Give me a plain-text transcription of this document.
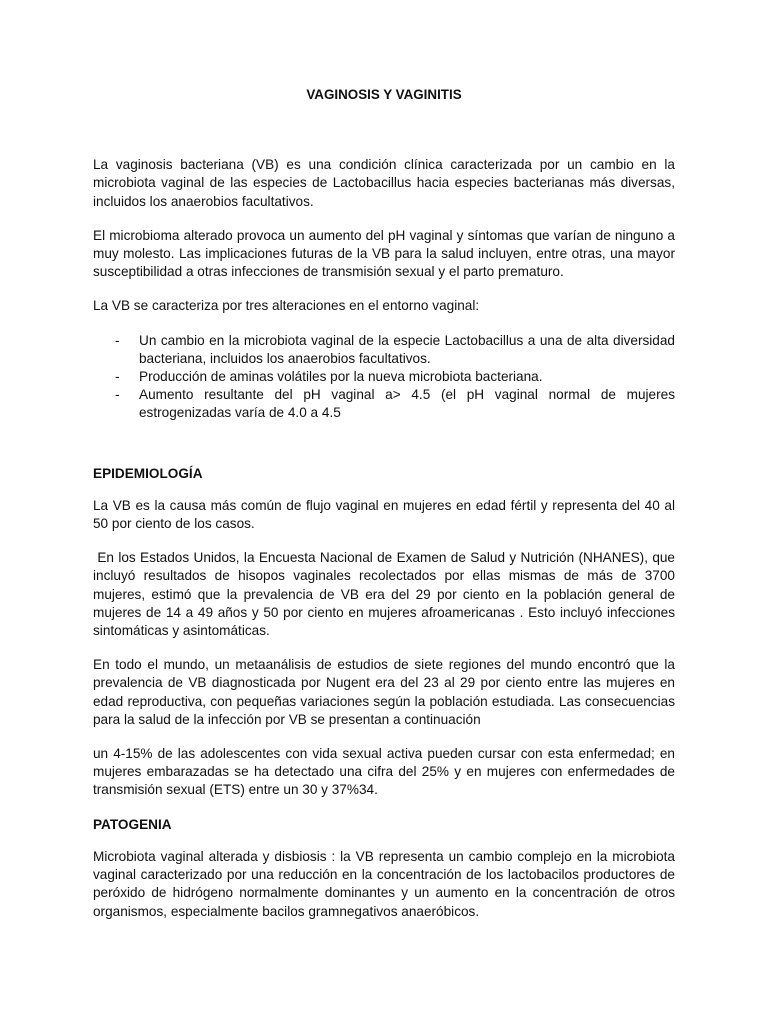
VAGINOSIS Y VAGINITIS

La vaginosis bacteriana (VB) es una condición clínica caracterizada por un cambio en la microbiota vaginal de las especies de Lactobacillus hacia especies bacterianas más diversas, incluidos los anaerobios facultativos.

El microbioma alterado provoca un aumento del pH vaginal y síntomas que varían de ninguno a muy molesto. Las implicaciones futuras de la VB para la salud incluyen, entre otras, una mayor susceptibilidad a otras infecciones de transmisión sexual y el parto prematuro.

La VB se caracteriza por tres alteraciones en el entorno vaginal:

- Un cambio en la microbiota vaginal de la especie Lactobacillus a una de alta diversidad bacteriana, incluidos los anaerobios facultativos.
- Producción de aminas volátiles por la nueva microbiota bacteriana.
- Aumento resultante del pH vaginal a> 4.5 (el pH vaginal normal de mujeres estrogenizadas varía de 4.0 a 4.5
EPIDEMIOLOGÍA

La VB es la causa más común de flujo vaginal en mujeres en edad fértil y representa del 40 al 50 por ciento de los casos.

En los Estados Unidos, la Encuesta Nacional de Examen de Salud y Nutrición (NHANES), que incluyó resultados de hisopos vaginales recolectados por ellas mismas de más de 3700 mujeres, estimó que la prevalencia de VB era del 29 por ciento en la población general de mujeres de 14 a 49 años y 50 por ciento en mujeres afroamericanas . Esto incluyó infecciones sintomáticas y asintomáticas.

En todo el mundo, un metaanálisis de estudios de siete regiones del mundo encontró que la prevalencia de VB diagnosticada por Nugent era del 23 al 29 por ciento entre las mujeres en edad reproductiva, con pequeñas variaciones según la población estudiada. Las consecuencias para la salud de la infección por VB se presentan a continuación

un 4-15% de las adolescentes con vida sexual activa pueden cursar con esta enfermedad; en mujeres embarazadas se ha detectado una cifra del 25% y en mujeres con enfermedades de transmisión sexual (ETS) entre un 30 y 37%34.

PATOGENIA

Microbiota vaginal alterada y disbiosis : la VB representa un cambio complejo en la microbiota vaginal caracterizado por una reducción en la concentración de los lactobacilos productores de peróxido de hidrógeno normalmente dominantes y un aumento en la concentración de otros organismos, especialmente bacilos gramnegativos anaeróbicos.
